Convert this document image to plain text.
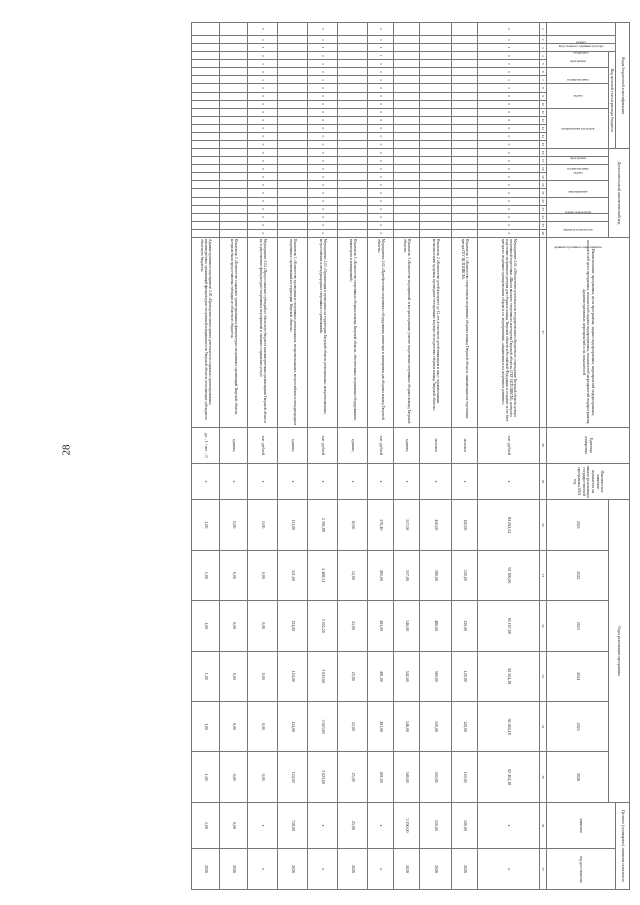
28
Коды бюджетной классификации															Дополнительный аналитический код											Наименование программы, цели программы, задачи подпрограммы, мероприятий подпрограммы, показателей цели программы, показателей задачи подпрограммы, показателей мероприятий подпрограммы, административных мероприятий и их показателей	Единица измерения	Фактическое значение показателя на начало реализации государственной программы 2021 год	Годы реализации программы						Целевое (суммарное) значение показателя	
Код главного администратора	раздел	подраздел	Код целевой статьи расхода бюджета																																значение	год достижения
			программа		подпрограмма		задача			направление расходов					программа	подпрограмма	задача		мероприятие		номер показателя		признак показателя	административное мероприятие					2021	2022	2023	2024	2025	2026		
1	2	3	4	5	6	7	8	9	10	11	12	13	14	15	16	17	18	19	20	21	22	23	24	25	26	27	28	29	30	31	32	33	34	35	36	37
0	3	1	0	7	0	1	1	0	0	0	0	0	0	0	0	0	0	0	0	0	0	0	0	0	0	Мероприятие 2.01 «Обеспечение деятельности государственного бюджетного учреждения Тверской области центра спортивной подготовки «Школа высшего спортивного мастерства Тверской области» (ГБУ ЦСП ШВСМ), центра по подготовке спортивного резерва для сборных команд Тверской области в Российской Федерации и создание за его базе центра по спортивно-тренировочным сборам и т.п. мероприятиям», направленных на спортивное развитие».	тыс. рублей	х	84 294,54	91 360,00	95 167,08	92 504,18	92 404,18	92 404,18	х	х
																										Показатель 1 «Количество спортсменов спортивных сборных команд Тверской области, занимающихся в отделениях центра ГБУ ЦСП ШВСМ»	человек	х	120,00	120,00	120,00	120,00	120,00	120,00	120,00	2026
																										Показатель 2 «Количество детей в возрасте до 12 лет, в том числе детей-инвалидов и лиц с ограниченными возможностями здоровья, прошедших тестирование в центре по подготовке сборных команд Тверской области»	человек	х	450,00	580,00	480,00	560,00	550,00	550,00	550,00	2026
																										Показатель 3 «Количество мероприятий, в которых приняли участие спортсмены спортивных сборных команд Тверской области»	единиц	х	557,00	557,00	546,00	542,00	546,00	546,00	3 290,00	2026
0	3	1	1	0	2	1	2	0	0	0	0	0	0	0	0	0	0	0	0	0	0	0	0	0	0	Мероприятие 2.02 «Приобретение спортивного оборудования, инвентаря и экипировки для сборных команд Тверской области»	тыс. рублей	х	276,40	495,00	491,00	491,00	491,00	491,00	х	х
																										Показатель 1 «Количество спортивных сборных команд Тверской области, обеспеченных спортивным оборудованием, инвентарем и экипировкой»	единиц	х	10,00	12,00	25,00	25,00	25,00	25,00	25,00	2026
0	3	1	0	3	0	1	2	0	0	0	0	0	0	0	0	0	0	0	0	0	0	0	0	0	0	Мероприятие 2.03 «Организация и проведение на территории Тверской области региональных, межрегиональных, всероссийских и международных спортивных соревнований»	тыс. рублей	х	2 391,89	2 468,51	3 052,20	3 023,60	3 023,60	3 023,60	х	х
																										Показатель 1 «Количество проведенных спортивных региональных, межрегиональных, всероссийских и международных спортивных соревнований на территории Тверской области»	единиц	х	111,00	111,00	124,00	124,00	124,00	124,00	718,00	2026
0	3	1	0	3	0	1	2	0	0	0	0	0	0	0	0	0	0	0	0	0	0	0	0	0	0	Мероприятие 2.04 «Предоставление субсидий из областного бюджета некоммерческим организациям Тверской области на осуществление физкультурно-спортивных мероприятий и оказание социальных услуг»	тыс. рублей	х	0,00	0,00	0,00	0,00	0,00	0,00	х	х
																										Показатель 1 «Количество социально ориентированных физкультурно-спортивных организаций Тверской области, которым были предоставлены субсидии из областного бюджета»	единиц	х	0,00	0,00	0,00	0,00	0,00	0,00	0,00	2026
																										Административное мероприятие 2.05 «Проведение мониторинга деятельности социально ориентированных некоммерческих организаций физкультурно-спортивной направленности Тверской области, получающих субсидии из областного бюджета»	да – 1 / нет – 0	х	1,00	1,00	1,00	1,00	1,00	1,00	1,00	2026
